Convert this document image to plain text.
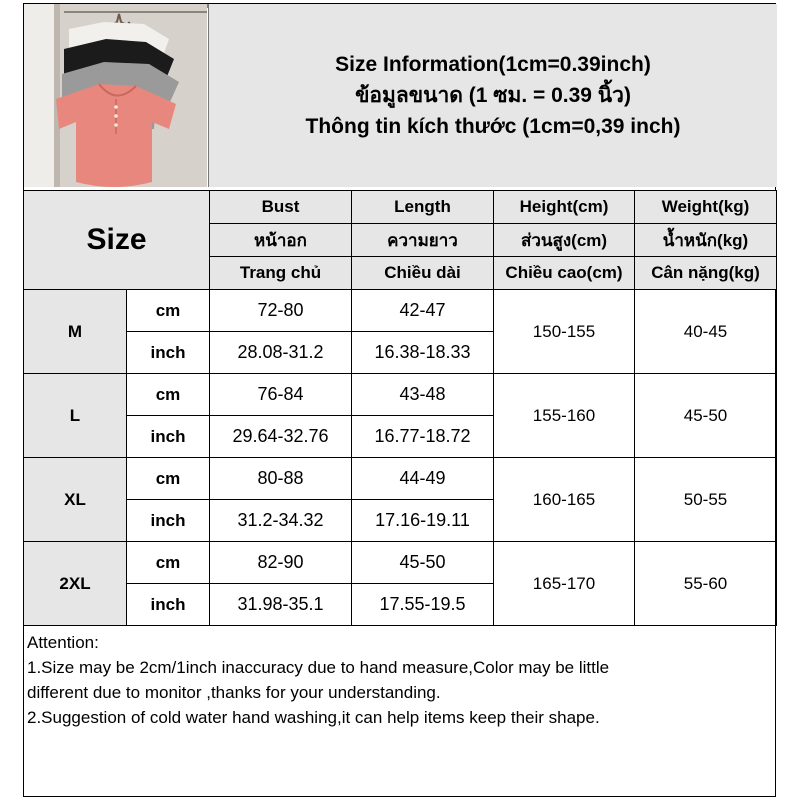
Size Information(1cm=0.39inch)
ข้อมูลขนาด (1 ซม. = 0.39 นิ้ว)
Thông tin kích thước (1cm=0,39 inch)
Size		Bust	Length	Height(cm)	Weight(kg)
		หน้าอก	ความยาว	ส่วนสูง(cm)	น้ำหนัก(kg)
		Trang chủ	Chiều dài	Chiều cao(cm)	Cân nặng(kg)
M	cm	72-80	42-47	150-155	40-45
	inch	28.08-31.2	16.38-18.33		
L	cm	76-84	43-48	155-160	45-50
	inch	29.64-32.76	16.77-18.72		
XL	cm	80-88	44-49	160-165	50-55
	inch	31.2-34.32	17.16-19.11		
2XL	cm	82-90	45-50	165-170	55-60
	inch	31.98-35.1	17.55-19.5		
Attention:
1.Size may be 2cm/1inch inaccuracy due to hand measure,Color may be little
different due to monitor ,thanks for your understanding.
2.Suggestion of cold water hand washing,it can help items keep their shape.
